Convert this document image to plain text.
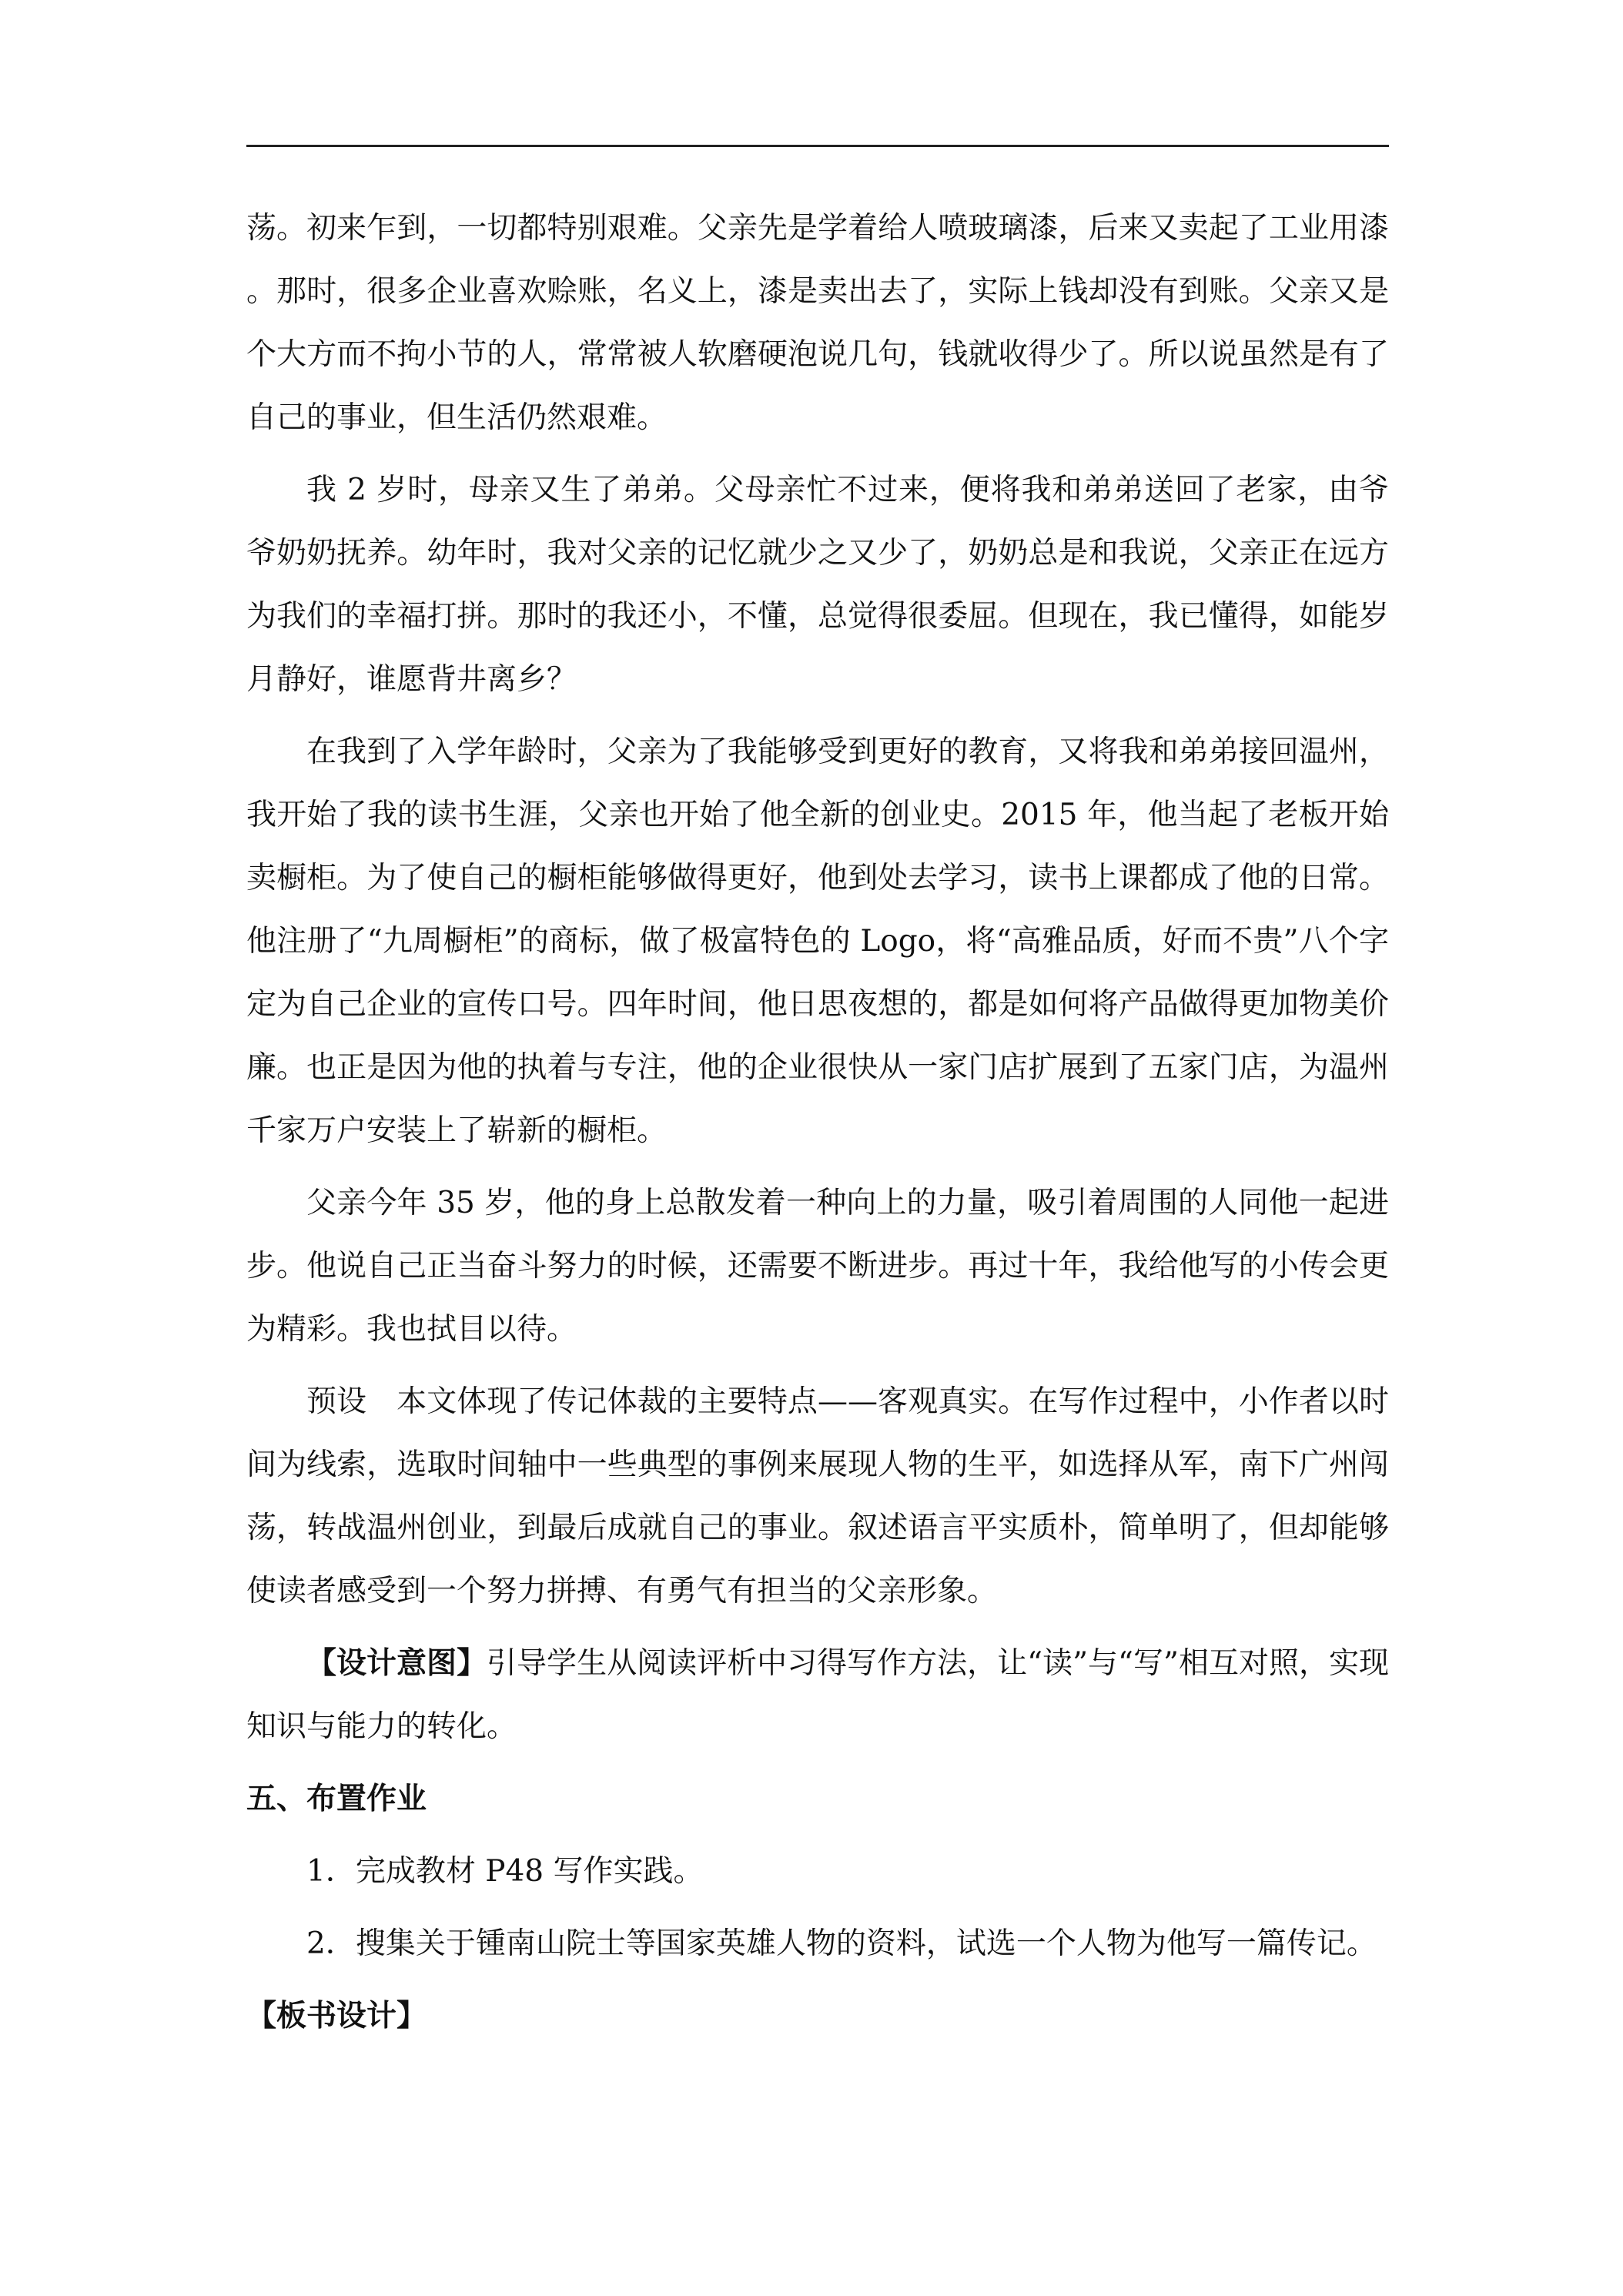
荡。初来乍到，一切都特别艰难。父亲先是学着给人喷玻璃漆，后来又卖起了工业用漆。那时，很多企业喜欢赊账，名义上，漆是卖出去了，实际上钱却没有到账。父亲又是个大方而不拘小节的人，常常被人软磨硬泡说几句，钱就收得少了。所以说虽然是有了自己的事业，但生活仍然艰难。

我 2 岁时，母亲又生了弟弟。父母亲忙不过来，便将我和弟弟送回了老家，由爷爷奶奶抚养。幼年时，我对父亲的记忆就少之又少了，奶奶总是和我说，父亲正在远方为我们的幸福打拼。那时的我还小，不懂，总觉得很委屈。但现在，我已懂得，如能岁月静好，谁愿背井离乡？

在我到了入学年龄时，父亲为了我能够受到更好的教育，又将我和弟弟接回温州，我开始了我的读书生涯，父亲也开始了他全新的创业史。2015 年，他当起了老板开始卖橱柜。为了使自己的橱柜能够做得更好，他到处去学习，读书上课都成了他的日常。他注册了“九周橱柜”的商标，做了极富特色的 Logo，将“高雅品质，好而不贵”八个字定为自己企业的宣传口号。四年时间，他日思夜想的，都是如何将产品做得更加物美价廉。也正是因为他的执着与专注，他的企业很快从一家门店扩展到了五家门店，为温州千家万户安装上了崭新的橱柜。

父亲今年 35 岁，他的身上总散发着一种向上的力量，吸引着周围的人同他一起进步。他说自己正当奋斗努力的时候，还需要不断进步。再过十年，我给他写的小传会更为精彩。我也拭目以待。

预设　本文体现了传记体裁的主要特点——客观真实。在写作过程中，小作者以时间为线索，选取时间轴中一些典型的事例来展现人物的生平，如选择从军，南下广州闯荡，转战温州创业，到最后成就自己的事业。叙述语言平实质朴，简单明了，但却能够使读者感受到一个努力拼搏、有勇气有担当的父亲形象。

【设计意图】引导学生从阅读评析中习得写作方法，让“读”与“写”相互对照，实现知识与能力的转化。

五、布置作业

1．完成教材 P48 写作实践。

2．搜集关于锺南山院士等国家英雄人物的资料，试选一个人物为他写一篇传记。

【板书设计】
